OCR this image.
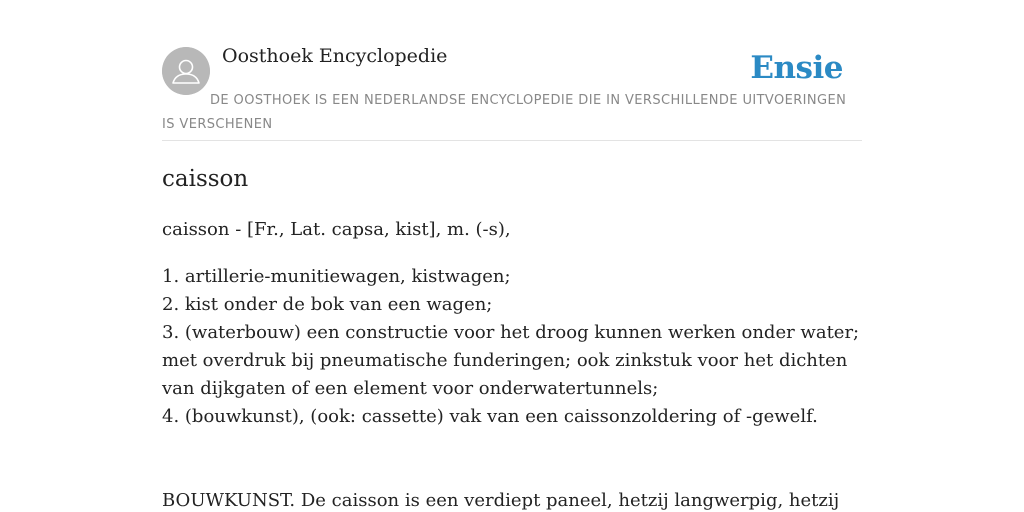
Oosthoek Encyclopedie	Ensie
DE OOSTHOEK IS EEN NEDERLANDSE ENCYCLOPEDIE DIE IN VERSCHILLENDE UITVOERINGEN IS VERSCHENEN
caisson
caisson - [Fr., Lat. capsa, kist], m. (-s),
1. artillerie-munitiewagen, kistwagen;
2. kist onder de bok van een wagen;
3. (waterbouw) een constructie voor het droog kunnen werken onder water; met overdruk bij pneumatische funderingen; ook zinkstuk voor het dichten van dijkgaten of een element voor onderwatertunnels;
4. (bouwkunst), (ook: cassette) vak van een caissonzoldering of -gewelf.
BOUWKUNST. De caisson is een verdiept paneel, hetzij langwerpig, hetzij
